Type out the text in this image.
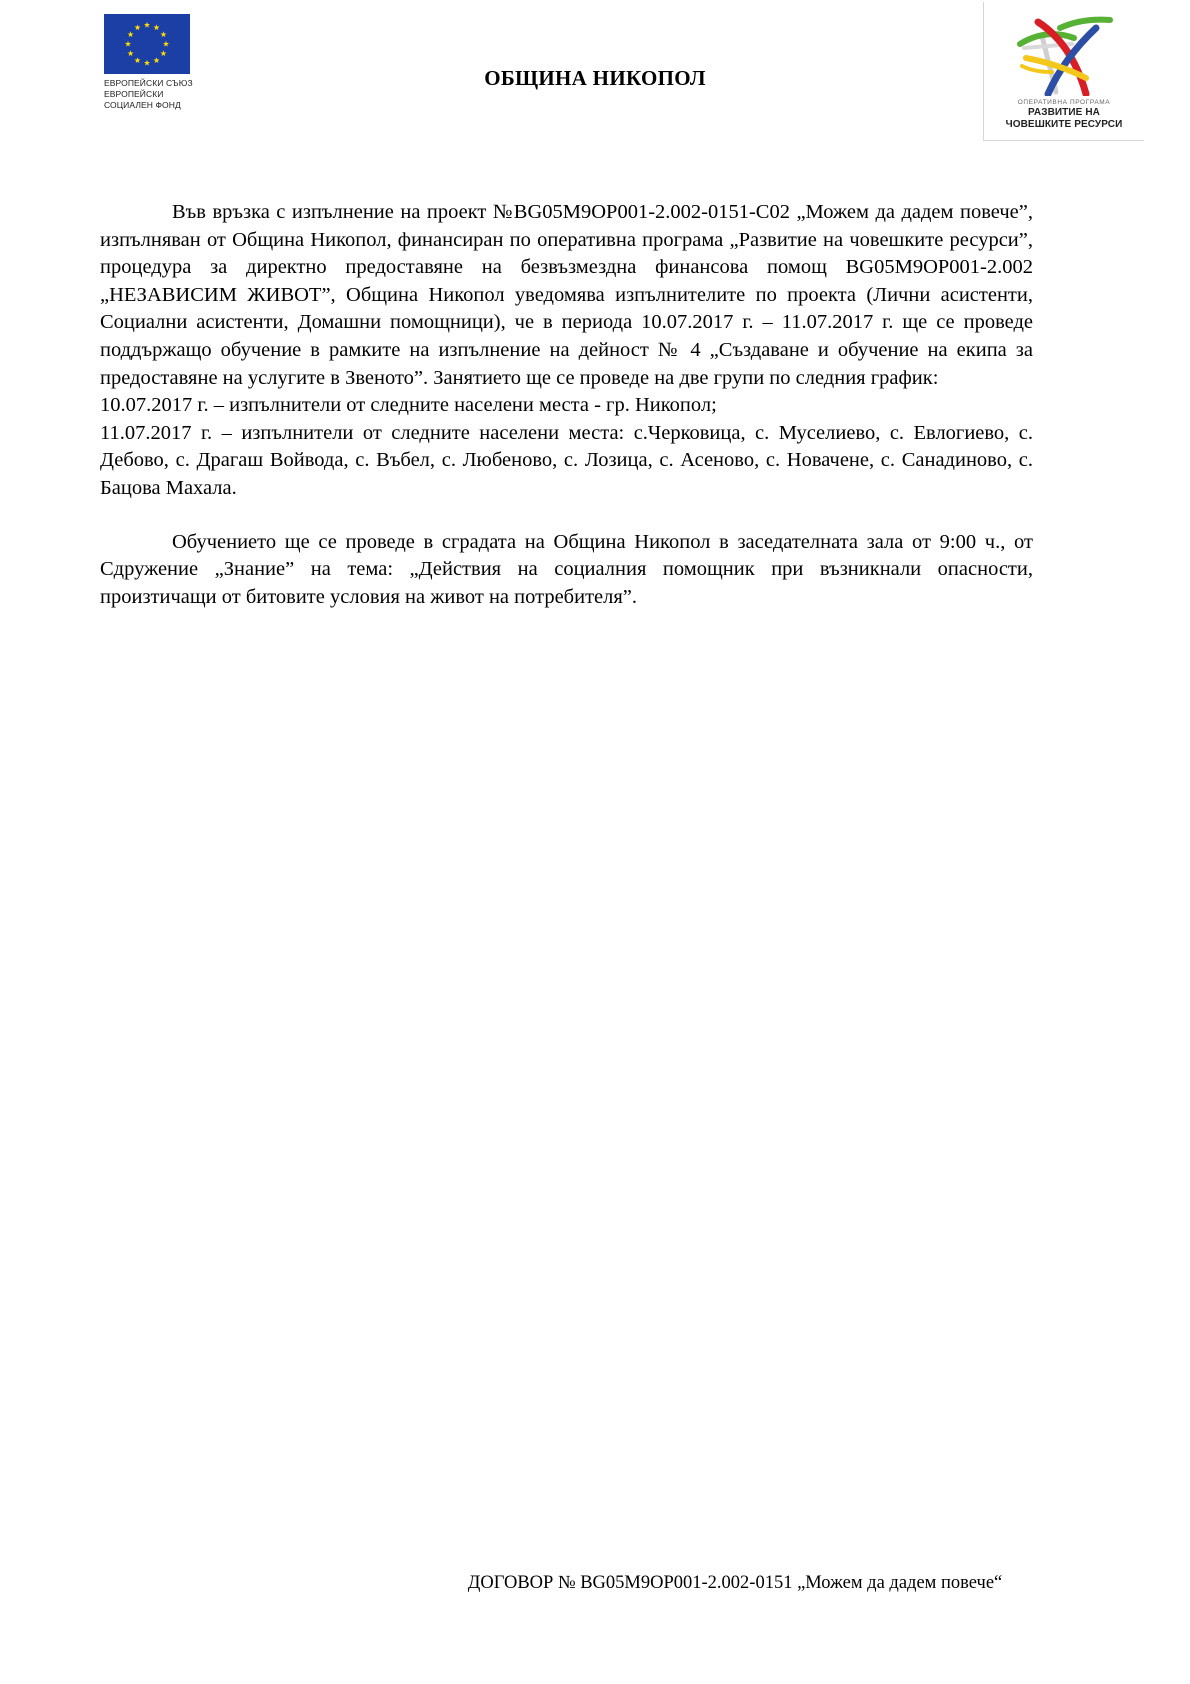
ЕВРОПЕЙСКИ СЪЮЗ
ЕВРОПЕЙСКИ
СОЦИАЛЕН ФОНД
ОБЩИНА НИКОПОЛ
ОПЕРАТИВНА ПРОГРАМА
РАЗВИТИЕ НА
ЧОВЕШКИТЕ РЕСУРСИ

Във връзка с изпълнение на проект №BG05M9OP001-2.002-0151-C02 „Можем да дадем повече”, изпълняван от Община Никопол, финансиран по оперативна програма „Развитие на човешките ресурси”, процедура за директно предоставяне на безвъзмездна финансова помощ BG05M9OP001-2.002 „НЕЗАВИСИМ ЖИВОТ”, Община Никопол уведомява изпълнителите по проекта (Лични асистенти, Социални асистенти, Домашни помощници), че в периода 10.07.2017 г. – 11.07.2017 г. ще се проведе поддържащо обучение в рамките на изпълнение на дейност № 4 „Създаване и обучение на екипа за предоставяне на услугите в Звеното”. Занятието ще се проведе на две групи по следния график:

10.07.2017 г. – изпълнители от следните населени места - гр. Никопол;

11.07.2017 г. – изпълнители от следните населени места: с.Черковица, с. Муселиево, с. Евлогиево, с. Дебово, с. Драгаш Войвода, с. Въбел, с. Любеново, с. Лозица, с. Асеново, с. Новачене, с. Санадиново, с. Бацова Махала.

Обучението ще се проведе в сградата на Община Никопол в заседателната зала от 9:00 ч., от Сдружение „Знание” на тема: „Действия на социалния помощник при възникнали опасности, произтичащи от битовите условия на живот на потребителя”.

ДОГОВОР № BG05M9OP001-2.002-0151 „Можем да дадем повече“
